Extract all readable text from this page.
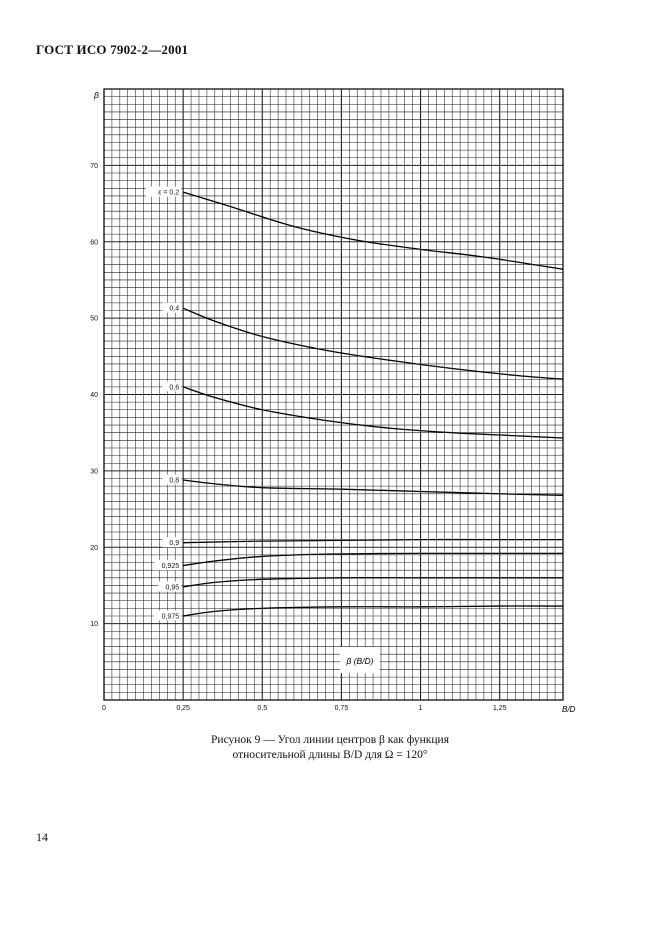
ГОСТ ИСО 7902-2—2001
ε = 0,2
0,4
0,6
0,8
0,9
0,925
0,95
0,975
0	0,25	0,5	0,75	1	1,25
10
20
30
40
50
60
70
β (B/D)
β
B/D
Рисунок 9 — Угол линии центров β как функция
относительной длины B/D для Ω = 120°
14
